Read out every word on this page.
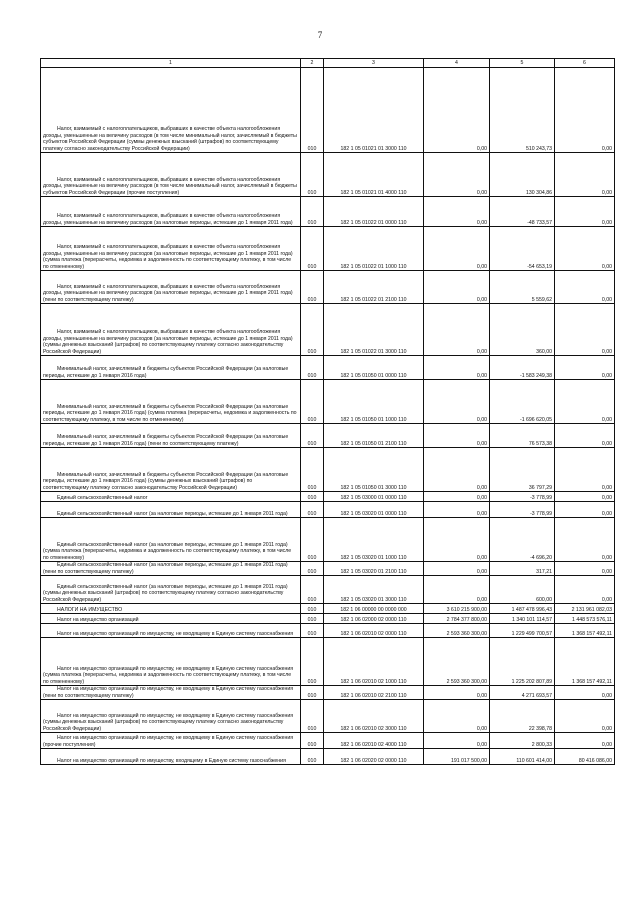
7
1	2	3	4	5	6

Налог, взимаемый с налогоплательщиков, выбравших в качестве объекта налогообложения доходы, уменьшенные на величину расходов (в том числе минимальный налог, зачисляемый в бюджеты субъектов Российской Федерации (суммы денежных взысканий (штрафов) по соответствующему платежу согласно законодательству Российской Федерации)	010	182 1 05 01021 01 3000 110	0,00	510 243,73	0,00

Налог, взимаемый с налогоплательщиков, выбравших в качестве объекта налогообложения доходы, уменьшенные на величину расходов (в том числе минимальный налог, зачисляемый в бюджеты субъектов Российской Федерации (прочие поступления)	010	182 1 05 01021 01 4000 110	0,00	130 304,86	0,00

Налог, взимаемый с налогоплательщиков, выбравших в качестве объекта налогообложения доходы, уменьшенные на величину расходов (за налоговые периоды, истекшие до 1 января 2011 года)	010	182 1 05 01022 01 0000 110	0,00	-48 733,57	0,00

Налог, взимаемый с налогоплательщиков, выбравших в качестве объекта налогообложения доходы, уменьшенные на величину расходов (за налоговые периоды, истекшие до 1 января 2011 года) (сумма платежа (перерасчеты, недоимка и задолженность по соответствующему платежу, в том числе по отмененному)	010	182 1 05 01022 01 1000 110	0,00	-54 653,19	0,00

Налог, взимаемый с налогоплательщиков, выбравших в качестве объекта налогообложения доходы, уменьшенные на величину расходов (за налоговые периоды, истекшие до 1 января 2011 года) (пени по соответствующему платежу)	010	182 1 05 01022 01 2100 110	0,00	5 559,62	0,00

Налог, взимаемый с налогоплательщиков, выбравших в качестве объекта налогообложения доходы, уменьшенные на величину расходов (за налоговые периоды, истекшие до 1 января 2011 года) (суммы денежных взысканий (штрафов) по соответствующему платежу согласно законодательству Российской Федерации)	010	182 1 05 01022 01 3000 110	0,00	360,00	0,00

Минимальный налог, зачисляемый в бюджеты субъектов Российской Федерации (за налоговые периоды, истекшие до 1 января 2016 года)	010	182 1 05 01050 01 0000 110	0,00	-1 583 249,38	0,00

Минимальный налог, зачисляемый в бюджеты субъектов Российской Федерации (за налоговые периоды, истекшие до 1 января 2016 года) (сумма платежа (перерасчеты, недоимка и задолженность по соответствующему платежу, в том числе по отмененному)	010	182 1 05 01050 01 1000 110	0,00	-1 696 620,05	0,00

Минимальный налог, зачисляемый в бюджеты субъектов Российской Федерации (за налоговые периоды, истекшие до 1 января 2016 года) (пени по соответствующему платежу)	010	182 1 05 01050 01 2100 110	0,00	76 573,38	0,00

Минимальный налог, зачисляемый в бюджеты субъектов Российской Федерации (за налоговые периоды, истекшие до 1 января 2016 года) (суммы денежных взысканий (штрафов) по соответствующему платежу согласно законодательству Российской Федерации)	010	182 1 05 01050 01 3000 110	0,00	36 797,29	0,00

Единый сельскохозяйственный налог	010	182 1 05 03000 01 0000 110	0,00	-3 778,99	0,00

Единый сельскохозяйственный налог (за налоговые периоды, истекшие до 1 января 2011 года)	010	182 1 05 03020 01 0000 110	0,00	-3 778,99	0,00

Единый сельскохозяйственный налог (за налоговые периоды, истекшие до 1 января 2011 года) (сумма платежа (перерасчеты, недоимка и задолженность по соответствующему платежу, в том числе по отмененному)	010	182 1 05 03020 01 1000 110	0,00	-4 696,20	0,00

Единый сельскохозяйственный налог (за налоговые периоды, истекшие до 1 января 2011 года) (пени по соответствующему платежу)	010	182 1 05 03020 01 2100 110	0,00	317,21	0,00

Единый сельскохозяйственный налог (за налоговые периоды, истекшие до 1 января 2011 года) (суммы денежных взысканий (штрафов) по соответствующему платежу согласно законодательству Российской Федерации)	010	182 1 05 03020 01 3000 110	0,00	600,00	0,00

НАЛОГИ НА ИМУЩЕСТВО	010	182 1 06 00000 00 0000 000	3 610 215 900,00	1 487 478 996,43	2 131 961 082,03

Налог на имущество организаций	010	182 1 06 02000 02 0000 110	2 784 377 800,00	1 340 101 114,57	1 448 573 576,11

Налог на имущество организаций по имуществу, не входящему в Единую систему газоснабжения	010	182 1 06 02010 02 0000 110	2 593 360 300,00	1 229 499 700,57	1 368 157 492,11

Налог на имущество организаций по имуществу, не входящему в Единую систему газоснабжения (сумма платежа (перерасчеты, недоимка и задолженность по соответствующему платежу, в том числе по отмененному)	010	182 1 06 02010 02 1000 110	2 593 360 300,00	1 225 202 807,89	1 368 157 492,11

Налог на имущество организаций по имуществу, не входящему в Единую систему газоснабжения (пени по соответствующему платежу)	010	182 1 06 02010 02 2100 110	0,00	4 271 693,57	0,00

Налог на имущество организаций по имуществу, не входящему в Единую систему газоснабжения (суммы денежных взысканий (штрафов) по соответствующему платежу согласно законодательству Российской Федерации)	010	182 1 06 02010 02 3000 110	0,00	22 398,78	0,00

Налог на имущество организаций по имуществу, не входящему в Единую систему газоснабжения (прочие поступления)	010	182 1 06 02010 02 4000 110	0,00	2 800,33	0,00

Налог на имущество организаций по имуществу, входящему в Единую систему газоснабжения	010	182 1 06 02020 02 0000 110	191 017 500,00	110 601 414,00	80 416 086,00
